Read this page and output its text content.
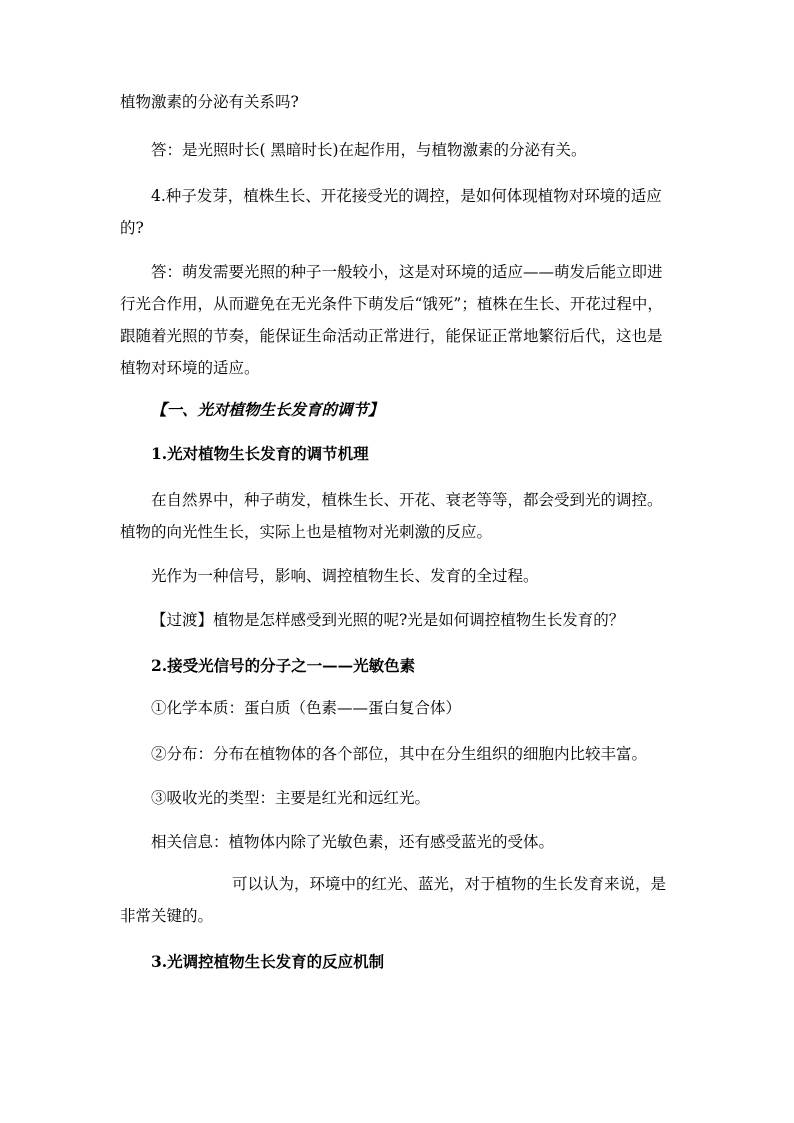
植物激素的分泌有关系吗?

答：是光照时长( 黑暗时长)在起作用，与植物激素的分泌有关。

4.种子发芽，植株生长、开花接受光的调控，是如何体现植物对环境的适应的?

答：萌发需要光照的种子一般较小，这是对环境的适应——萌发后能立即进行光合作用，从而避免在无光条件下萌发后“饿死”；植株在生长、开花过程中，跟随着光照的节奏，能保证生命活动正常进行，能保证正常地繁衍后代，这也是植物对环境的适应。

【一、光对植物生长发育的调节】

1.光对植物生长发育的调节机理

在自然界中，种子萌发，植株生长、开花、衰老等等，都会受到光的调控。植物的向光性生长，实际上也是植物对光刺激的反应。

光作为一种信号，影响、调控植物生长、发育的全过程。

【过渡】植物是怎样感受到光照的呢?光是如何调控植物生长发育的？

2.接受光信号的分子之一——光敏色素

①化学本质：蛋白质（色素——蛋白复合体）

②分布：分布在植物体的各个部位，其中在分生组织的细胞内比较丰富。

③吸收光的类型：主要是红光和远红光。

相关信息：植物体内除了光敏色素，还有感受蓝光的受体。

可以认为，环境中的红光、蓝光，对于植物的生长发育来说，是非常关键的。

3.光调控植物生长发育的反应机制
